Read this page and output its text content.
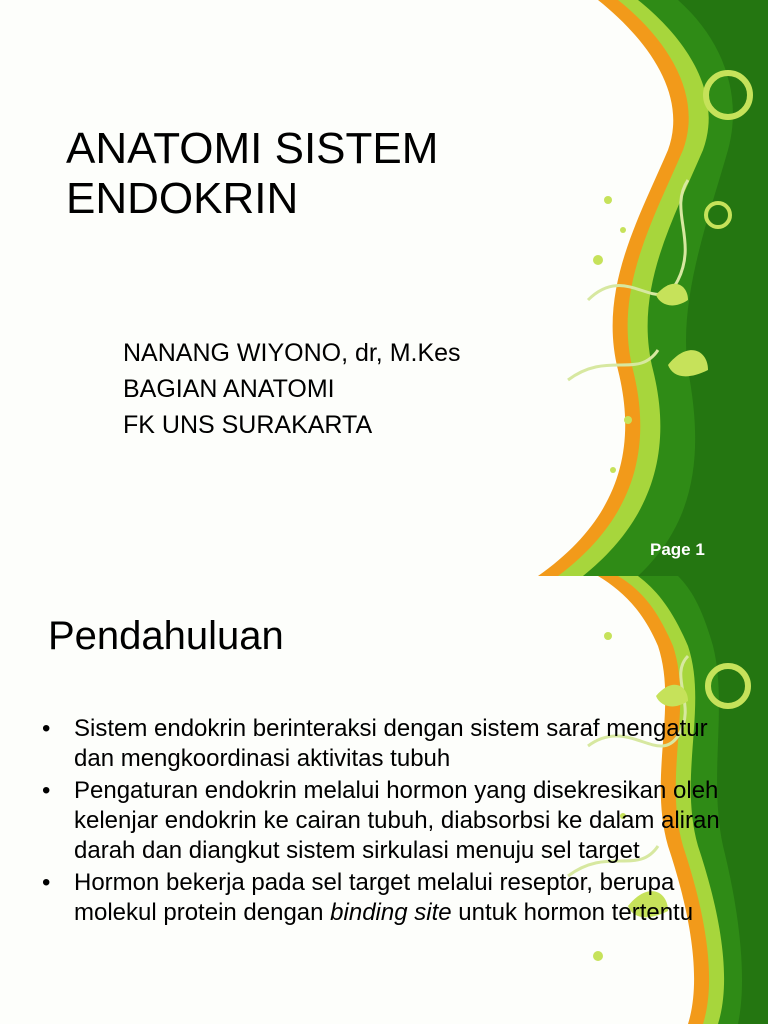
ANATOMI SISTEM
ENDOKRIN
NANANG WIYONO, dr, M.Kes
BAGIAN ANATOMI
FK UNS SURAKARTA
Page 1
Pendahuluan
• Sistem endokrin berinteraksi dengan sistem saraf mengatur dan mengkoordinasi aktivitas tubuh
• Pengaturan endokrin melalui hormon yang disekresikan oleh kelenjar endokrin ke cairan tubuh, diabsorbsi ke dalam aliran darah dan diangkut sistem sirkulasi menuju sel target
• Hormon bekerja pada sel target melalui reseptor, berupa molekul protein dengan binding site untuk hormon tertentu
